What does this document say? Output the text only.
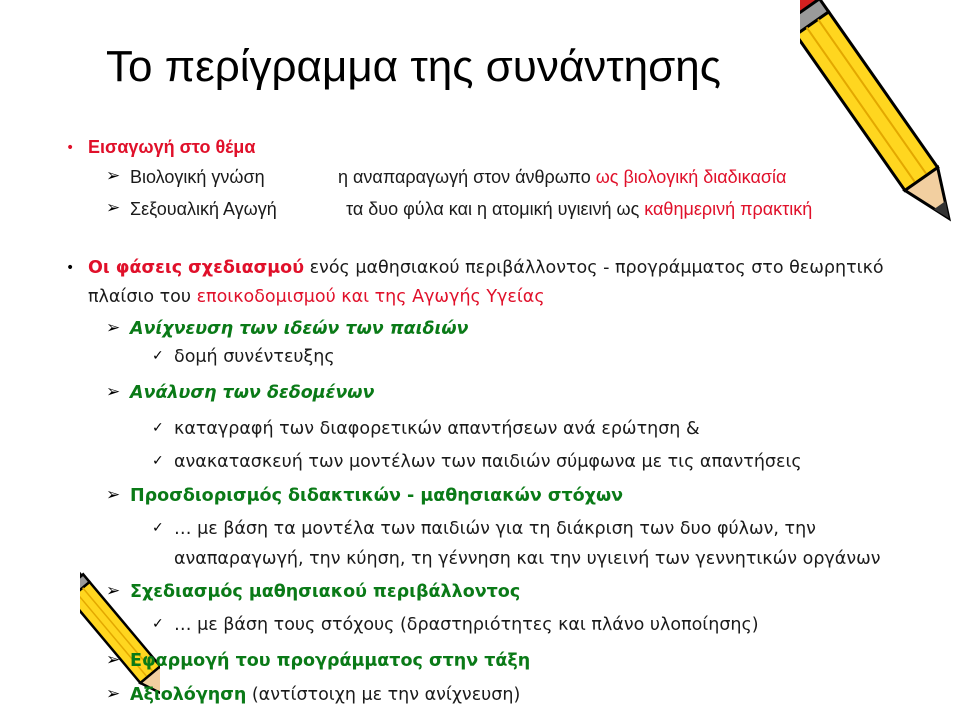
Το περίγραμμα της συνάντησης
• Εισαγωγή στο θέμα
➢ Βιολογική γνώση	η αναπαραγωγή στον άνθρωπο ως βιολογική διαδικασία
➢ Σεξουαλική Αγωγή	τα δυο φύλα και η ατομική υγιεινή ως καθημερινή πρακτική
• Οι φάσεις σχεδιασμού ενός μαθησιακού περιβάλλοντος - προγράμματος στο θεωρητικό
πλαίσιο του εποικοδομισμού και της Αγωγής Υγείας
➢ Ανίχνευση των ιδεών των παιδιών
✓ δομή συνέντευξης
➢ Ανάλυση των δεδομένων
✓ καταγραφή των διαφορετικών απαντήσεων ανά ερώτηση &
✓ ανακατασκευή των μοντέλων των παιδιών σύμφωνα με τις απαντήσεις
➢ Προσδιορισμός διδακτικών - μαθησιακών στόχων
✓ … με βάση τα μοντέλα των παιδιών για τη διάκριση των δυο φύλων, την
αναπαραγωγή, την κύηση, τη γέννηση και την υγιεινή των γεννητικών οργάνων
➢ Σχεδιασμός μαθησιακού περιβάλλοντος
✓ … με βάση τους στόχους (δραστηριότητες και πλάνο υλοποίησης)
➢ Εφαρμογή του προγράμματος στην τάξη
➢ Αξιολόγηση (αντίστοιχη με την ανίχνευση)
